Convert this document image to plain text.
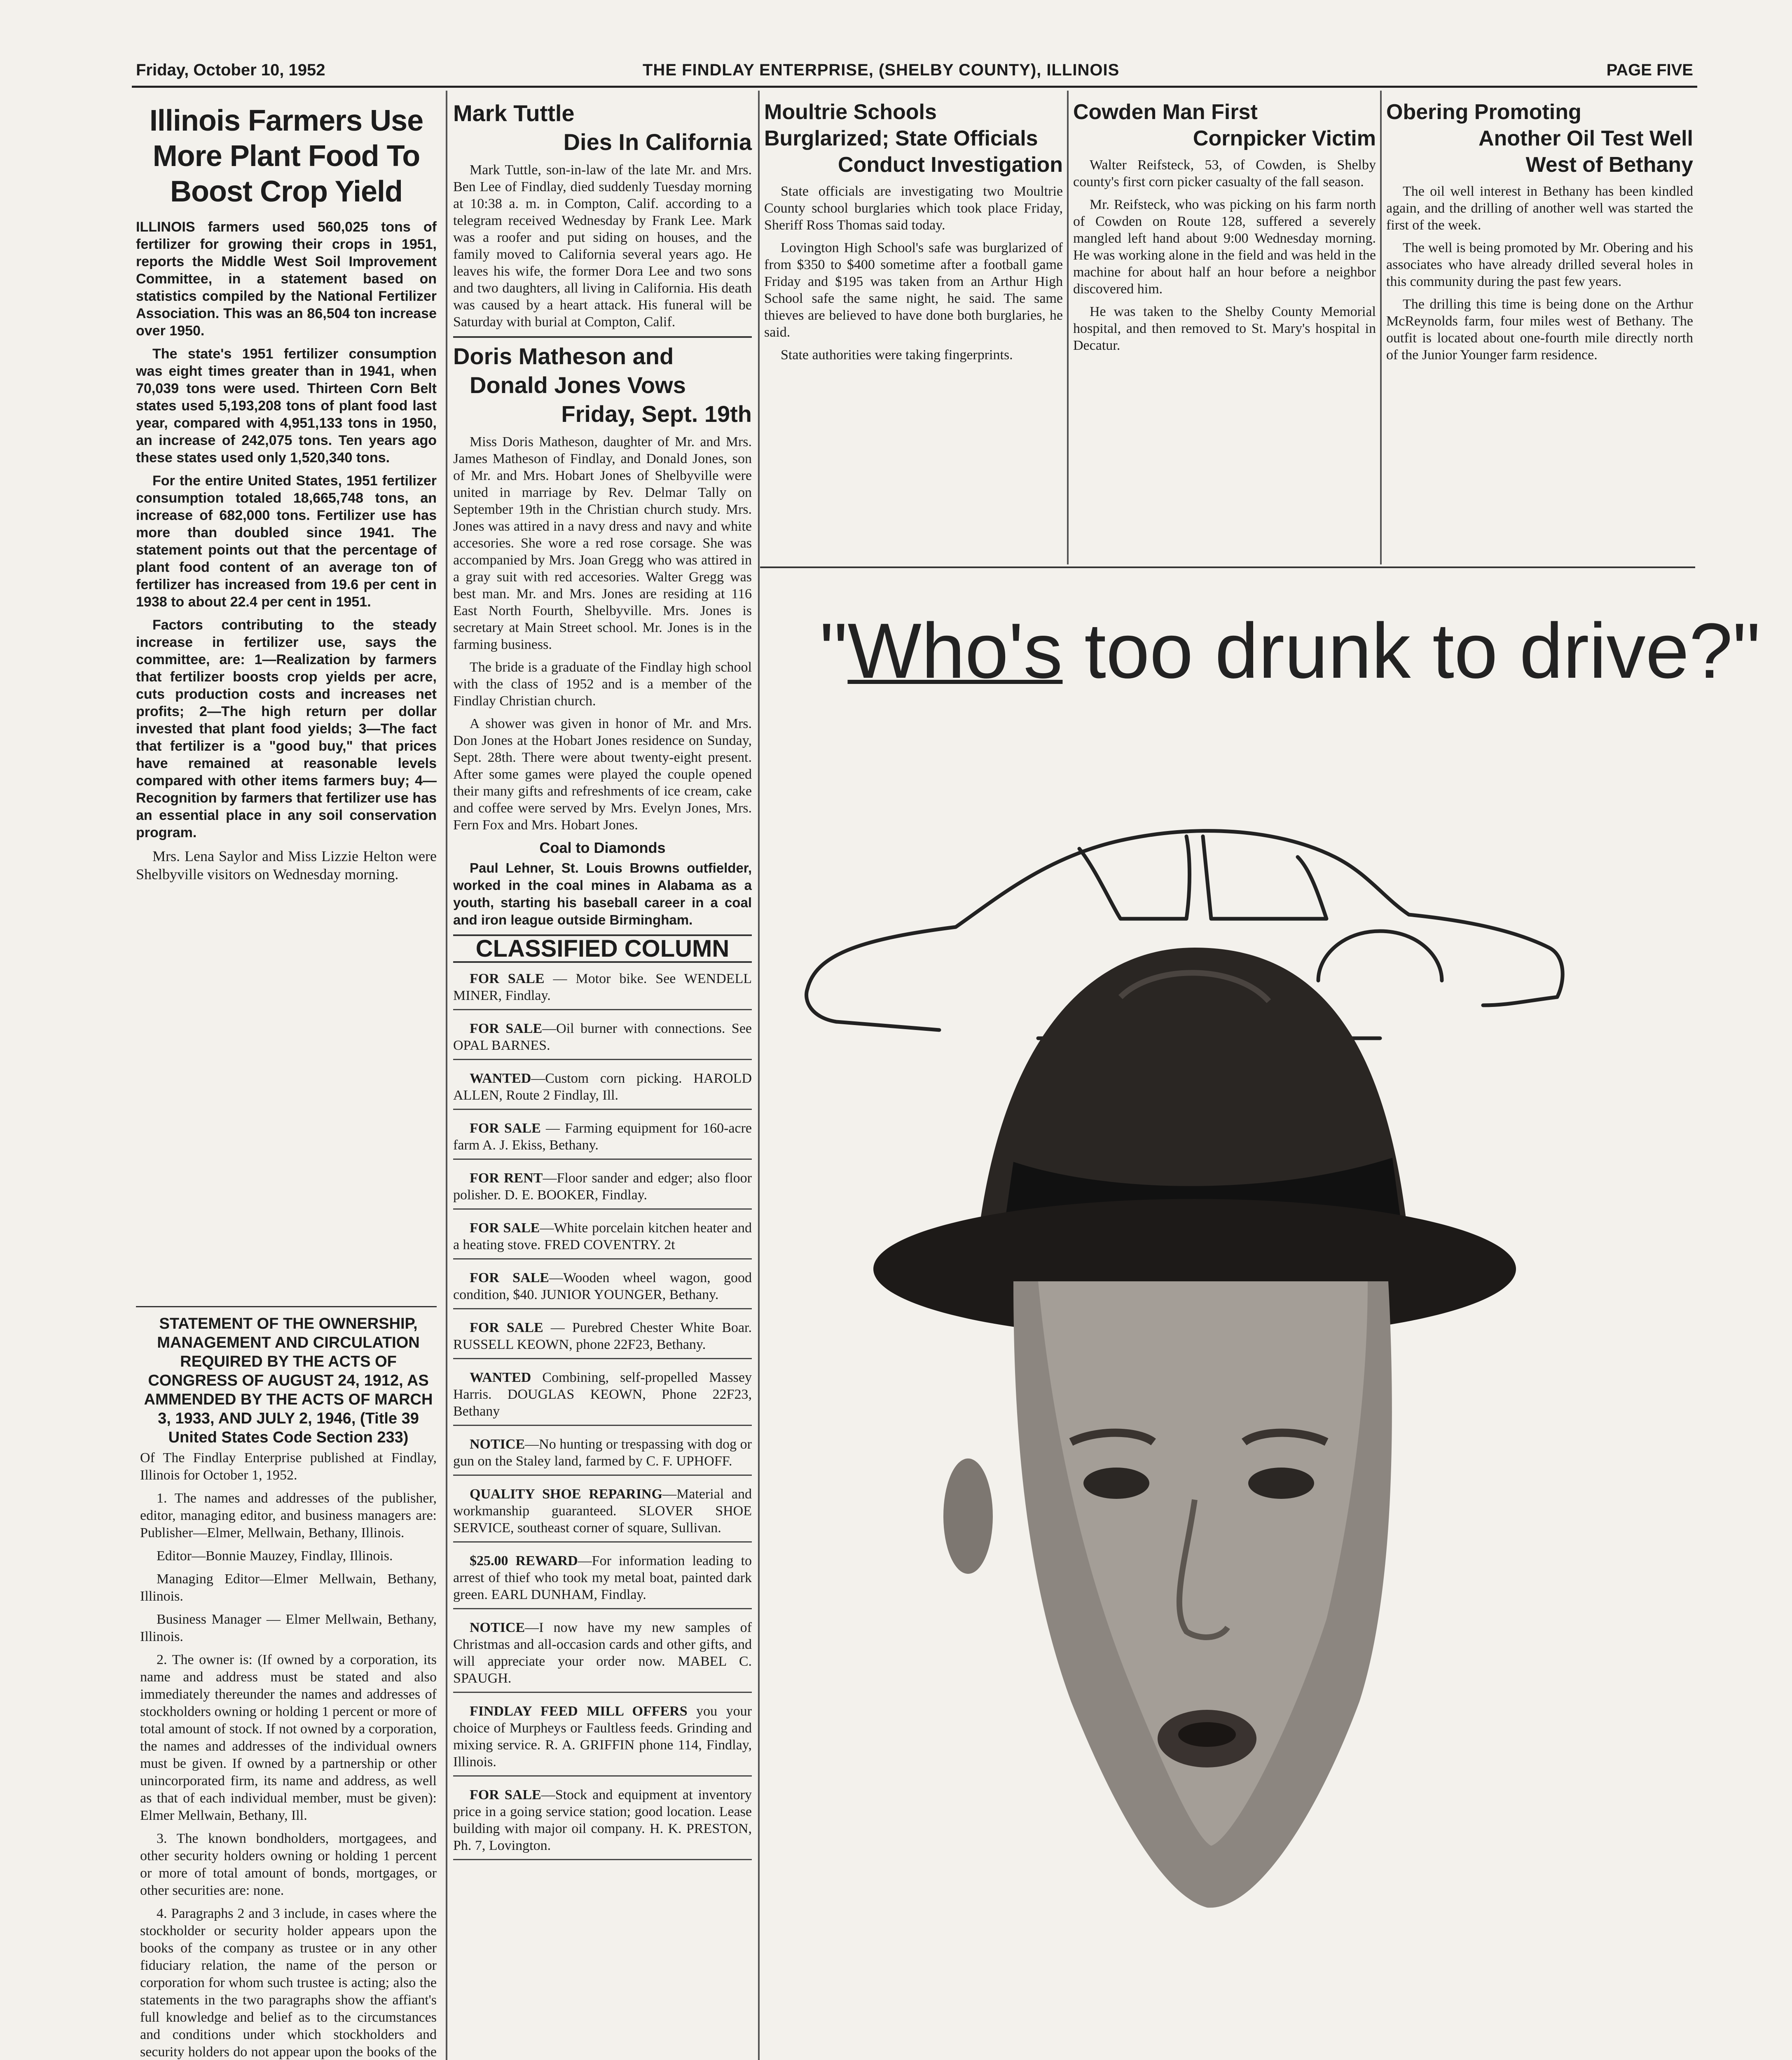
Friday, October 10, 1952	THE FINDLAY ENTERPRISE, (SHELBY COUNTY), ILLINOIS	PAGE FIVE
Illinois Farmers Use More Plant Food To Boost Crop Yield

ILLINOIS farmers used 560,025 tons of fertilizer for growing their crops in 1951, reports the Middle West Soil Improvement Committee, in a statement based on statistics compiled by the National Fertilizer Association. This was an 86,504 ton increase over 1950.

The state's 1951 fertilizer consumption was eight times greater than in 1941, when 70,039 tons were used. Thirteen Corn Belt states used 5,193,208 tons of plant food last year, compared with 4,951,133 tons in 1950, an increase of 242,075 tons. Ten years ago these states used only 1,520,340 tons.

For the entire United States, 1951 fertilizer consumption totaled 18,665,748 tons, an increase of 682,000 tons. Fertilizer use has more than doubled since 1941. The statement points out that the percentage of plant food content of an average ton of fertilizer has increased from 19.6 per cent in 1938 to about 22.4 per cent in 1951.

Factors contributing to the steady increase in fertilizer use, says the committee, are: 1—Realization by farmers that fertilizer boosts crop yields per acre, cuts production costs and increases net profits; 2—The high return per dollar invested that plant food yields; 3—The fact that fertilizer is a "good buy," that prices have remained at reasonable levels compared with other items farmers buy; 4—Recognition by farmers that fertilizer use has an essential place in any soil conservation program.

Mrs. Lena Saylor and Miss Lizzie Helton were Shelbyville visitors on Wednesday morning.

STATEMENT OF THE OWNERSHIP, MANAGEMENT AND CIRCULATION REQUIRED BY THE ACTS OF CONGRESS OF AUGUST 24, 1912, AS AMMENDED BY THE ACTS OF MARCH 3, 1933, AND JULY 2, 1946, (Title 39 United States Code Section 233)

Of The Findlay Enterprise published at Findlay, Illinois for October 1, 1952.

1. The names and addresses of the publisher, editor, managing editor, and business managers are: Publisher—Elmer, Mellwain, Bethany, Illinois.

Editor—Bonnie Mauzey, Findlay, Illinois.

Managing Editor—Elmer Mellwain, Bethany, Illinois.

Business Manager — Elmer Mellwain, Bethany, Illinois.

2. The owner is: (If owned by a corporation, its name and address must be stated and also immediately thereunder the names and addresses of stockholders owning or holding 1 percent or more of total amount of stock. If not owned by a corporation, the names and addresses of the individual owners must be given. If owned by a partnership or other unincorporated firm, its name and address, as well as that of each individual member, must be given): Elmer Mellwain, Bethany, Ill.

3. The known bondholders, mortgagees, and other security holders owning or holding 1 percent or more of total amount of bonds, mortgages, or other securities are: none.

4. Paragraphs 2 and 3 include, in cases where the stockholder or security holder appears upon the books of the company as trustee or in any other fiduciary relation, the name of the person or corporation for whom such trustee is acting; also the statements in the two paragraphs show the affiant's full knowledge and belief as to the circumstances and conditions under which stockholders and security holders do not appear upon the books of the

Mark Tuttle
Dies In California

Mark Tuttle, son-in-law of the late Mr. and Mrs. Ben Lee of Findlay, died suddenly Tuesday morning at 10:38 a. m. in Compton, Calif. according to a telegram received Wednesday by Frank Lee. Mark was a roofer and put siding on houses, and the family moved to California several years ago. He leaves his wife, the former Dora Lee and two sons and two daughters, all living in California. His death was caused by a heart attack. His funeral will be Saturday with burial at Compton, Calif.

Doris Matheson and
Donald Jones Vows
Friday, Sept. 19th

Miss Doris Matheson, daughter of Mr. and Mrs. James Matheson of Findlay, and Donald Jones, son of Mr. and Mrs. Hobart Jones of Shelbyville were united in marriage by Rev. Delmar Tally on September 19th in the Christian church study. Mrs. Jones was attired in a navy dress and navy and white accesories. She wore a red rose corsage. She was accompanied by Mrs. Joan Gregg who was attired in a gray suit with red accesories. Walter Gregg was best man. Mr. and Mrs. Jones are residing at 116 East North Fourth, Shelbyville. Mrs. Jones is secretary at Main Street school. Mr. Jones is in the farming business.

The bride is a graduate of the Findlay high school with the class of 1952 and is a member of the Findlay Christian church.

A shower was given in honor of Mr. and Mrs. Don Jones at the Hobart Jones residence on Sunday, Sept. 28th. There were about twenty-eight present. After some games were played the couple opened their many gifts and refreshments of ice cream, cake and coffee were served by Mrs. Evelyn Jones, Mrs. Fern Fox and Mrs. Hobart Jones.

Coal to Diamonds

Paul Lehner, St. Louis Browns outfielder, worked in the coal mines in Alabama as a youth, starting his baseball career in a coal and iron league outside Birmingham.

CLASSIFIED COLUMN

FOR SALE — Motor bike. See WENDELL MINER, Findlay.

FOR SALE—Oil burner with connections. See OPAL BARNES.

WANTED—Custom corn picking. HAROLD ALLEN, Route 2 Findlay, Ill.

FOR SALE — Farming equipment for 160-acre farm A. J. Ekiss, Bethany.

FOR RENT—Floor sander and edger; also floor polisher. D. E. BOOKER, Findlay.

FOR SALE—White porcelain kitchen heater and a heating stove. FRED COVENTRY. 2t

FOR SALE—Wooden wheel wagon, good condition, $40. JUNIOR YOUNGER, Bethany.

FOR SALE — Purebred Chester White Boar. RUSSELL KEOWN, phone 22F23, Bethany.

WANTED Combining, self-propelled Massey Harris. DOUGLAS KEOWN, Phone 22F23, Bethany

NOTICE—No hunting or trespassing with dog or gun on the Staley land, farmed by C. F. UPHOFF.

QUALITY SHOE REPARING—Material and workmanship guaranteed. SLOVER SHOE SERVICE, southeast corner of square, Sullivan.

$25.00 REWARD—For information leading to arrest of thief who took my metal boat, painted dark green. EARL DUNHAM, Findlay.

NOTICE—I now have my new samples of Christmas and all-occasion cards and other gifts, and will appreciate your order now. MABEL C. SPAUGH.

FINDLAY FEED MILL OFFERS you your choice of Murpheys or Faultless feeds. Grinding and mixing service. R. A. GRIFFIN phone 114, Findlay, Illinois.

FOR SALE—Stock and equipment at inventory price in a going service station; good location. Lease building with major oil company. H. K. PRESTON, Ph. 7, Lovington.

Moultrie Schools Burglarized; State Officials
Conduct Investigation

State officials are investigating two Moultrie County school burglaries which took place Friday, Sheriff Ross Thomas said today.

Lovington High School's safe was burglarized of from $350 to $400 sometime after a football game Friday and $195 was taken from an Arthur High School safe the same night, he said. The same thieves are believed to have done both burglaries, he said.

State authorities were taking fingerprints.

Cowden Man First
Cornpicker Victim

Walter Reifsteck, 53, of Cowden, is Shelby county's first corn picker casualty of the fall season.

Mr. Reifsteck, who was picking on his farm north of Cowden on Route 128, suffered a severely mangled left hand about 9:00 Wednesday morning. He was working alone in the field and was held in the machine for about half an hour before a neighbor discovered him.

He was taken to the Shelby County Memorial hospital, and then removed to St. Mary's hospital in Decatur.

Obering Promoting
Another Oil Test Well
West of Bethany

The oil well interest in Bethany has been kindled again, and the drilling of another well was started the first of the week.

The well is being promoted by Mr. Obering and his associates who have already drilled several holes in this community during the past few years.

The drilling this time is being done on the Arthur McReynolds farm, four miles west of Bethany. The outfit is located about one-fourth mile directly north of the Junior Younger farm residence.

"Who's too drunk to drive?"
